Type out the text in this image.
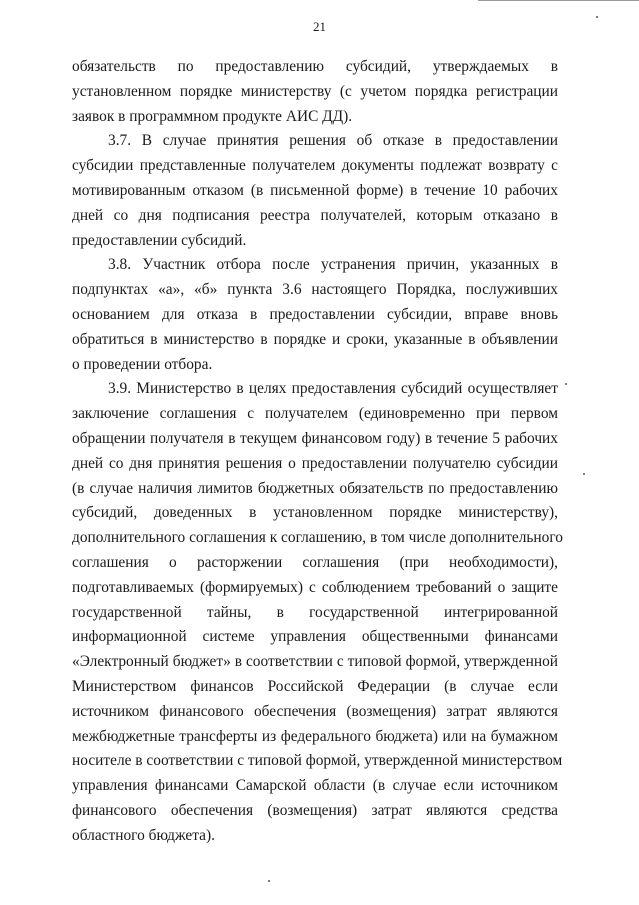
21
обязательств по предоставлению субсидий, утверждаемых в
установленном порядке министерству (с учетом порядка регистрации
заявок в программном продукте АИС ДД).
3.7. В случае принятия решения об отказе в предоставлении
субсидии представленные получателем документы подлежат возврату с
мотивированным отказом (в письменной форме) в течение 10 рабочих
дней со дня подписания реестра получателей, которым отказано в
предоставлении субсидий.
3.8. Участник отбора после устранения причин, указанных в
подпунктах «а», «б» пункта 3.6 настоящего Порядка, послуживших
основанием для отказа в предоставлении субсидии, вправе вновь
обратиться в министерство в порядке и сроки, указанные в объявлении
о проведении отбора.
3.9. Министерство в целях предоставления субсидий осуществляет
заключение соглашения с получателем (единовременно при первом
обращении получателя в текущем финансовом году) в течение 5 рабочих
дней со дня принятия решения о предоставлении получателю субсидии
(в случае наличия лимитов бюджетных обязательств по предоставлению
субсидий, доведенных в установленном порядке министерству),
дополнительного соглашения к соглашению, в том числе дополнительного
соглашения о расторжении соглашения (при необходимости),
подготавливаемых (формируемых) с соблюдением требований о защите
государственной тайны, в государственной интегрированной
информационной системе управления общественными финансами
«Электронный бюджет» в соответствии с типовой формой, утвержденной
Министерством финансов Российской Федерации (в случае если
источником финансового обеспечения (возмещения) затрат являются
межбюджетные трансферты из федерального бюджета) или на бумажном
носителе в соответствии с типовой формой, утвержденной министерством
управления финансами Самарской области (в случае если источником
финансового обеспечения (возмещения) затрат являются средства
областного бюджета).
